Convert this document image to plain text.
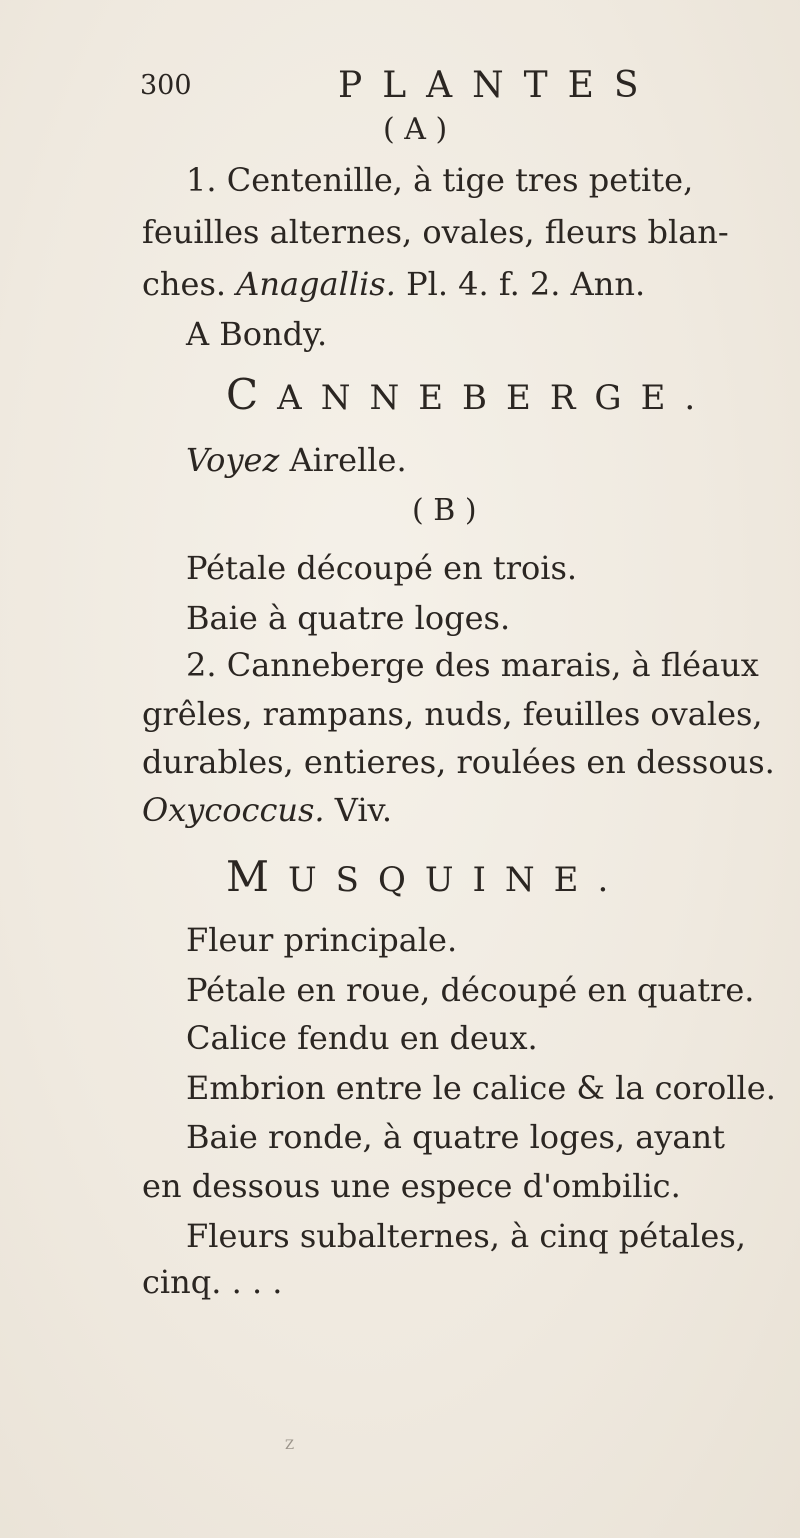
300	PLANTES
( A )
1. Centenille, à tige tres petite,
feuilles alternes, ovales, fleurs blan-
ches. Anagallis. Pl. 4. f. 2. Ann.
A Bondy.
CANNEBERGE.
Voyez Airelle.
( B )
Pétale découpé en trois.
Baie à quatre loges.
2. Canneberge des marais, à fléaux
grêles, rampans, nuds, feuilles ovales,
durables, entieres, roulées en dessous.
Oxycoccus. Viv.
MUSQUINE.
Fleur principale.
Pétale en roue, découpé en quatre.
Calice fendu en deux.
Embrion entre le calice & la corolle.
Baie ronde, à quatre loges, ayant
en dessous une espece d'ombilic.
Fleurs subalternes, à cinq pétales,
cinq. . . .
Z
